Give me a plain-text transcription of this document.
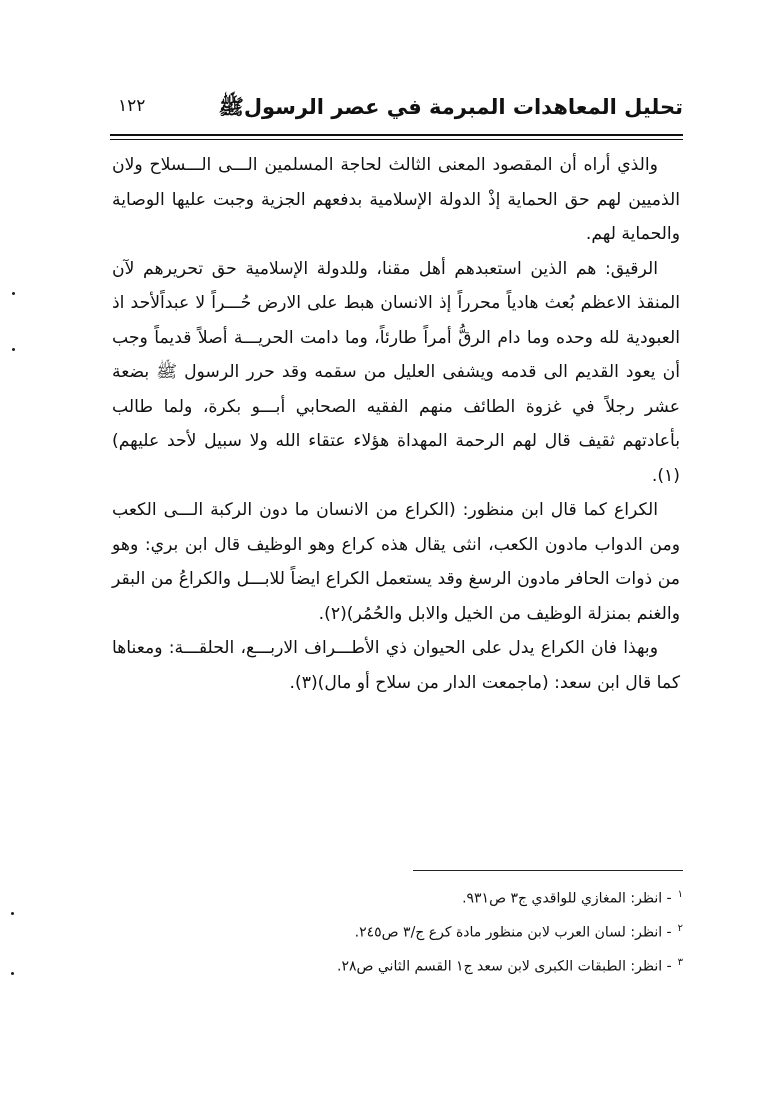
تحليل المعاهدات المبرمة في عصر الرسولﷺ
١٢٢

والذي أراه أن المقصود المعنى الثالث لحاجة المسلمين الـــى الـــسلاح ولان الذميين لهم حق الحماية إذْ الدولة الإسلامية بدفعهم الجزية وجبت عليها الوصاية والحماية لهم.

الرقيق: هم الذين استعبدهم أهل مقنا، وللدولة الإسلامية حق تحريرهم لآن المنقذ الاعظم بُعث هادياً محرراً إذ الانسان هبط على الارض حُـــراً لا عبداًلأحد اذ العبودية لله وحده وما دام الرقُّ أمراً طارئاً، وما دامت الحريـــة أصلاً قديماً وجب أن يعود القديم الى قدمه ويشفى العليل من سقمه وقد حرر الرسول ﷺ بضعة عشر رجلاً في غزوة الطائف منهم الفقيه الصحابي أبـــو بكرة، ولما طالب بأعادتهم ثقيف قال لهم الرحمة المهداة هؤلاء عتقاء الله ولا سبيل لأحد عليهم)(١).

الكراع كما قال ابن منظور: (الكراع من الانسان ما دون الركبة الـــى الكعب ومن الدواب مادون الكعب، انثى يقال هذه كراع وهو الوظيف قال ابن بري: وهو من ذوات الحافر مادون الرسغ وقد يستعمل الكراع ايضاً للابـــل والكراعُ من البقر والغنم بمنزلة الوظيف من الخيل والابل والحُمُر)(٢).

وبهذا فان الكراع يدل على الحيوان ذي الأطـــراف الاربـــع، الحلقـــة: ومعناها كما قال ابن سعد: (ماجمعت الدار من سلاح أو مال)(٣).

$^١$- انظر: المغازي للواقدي ج٣ ص٩٣١.
$^٢$- انظر: لسان العرب لابن منظور مادة كرع ج/٣ ص٢٤٥.
$^٣$- انظر: الطبقات الكبرى لابن سعد ج١ القسم الثاني ص٢٨.
